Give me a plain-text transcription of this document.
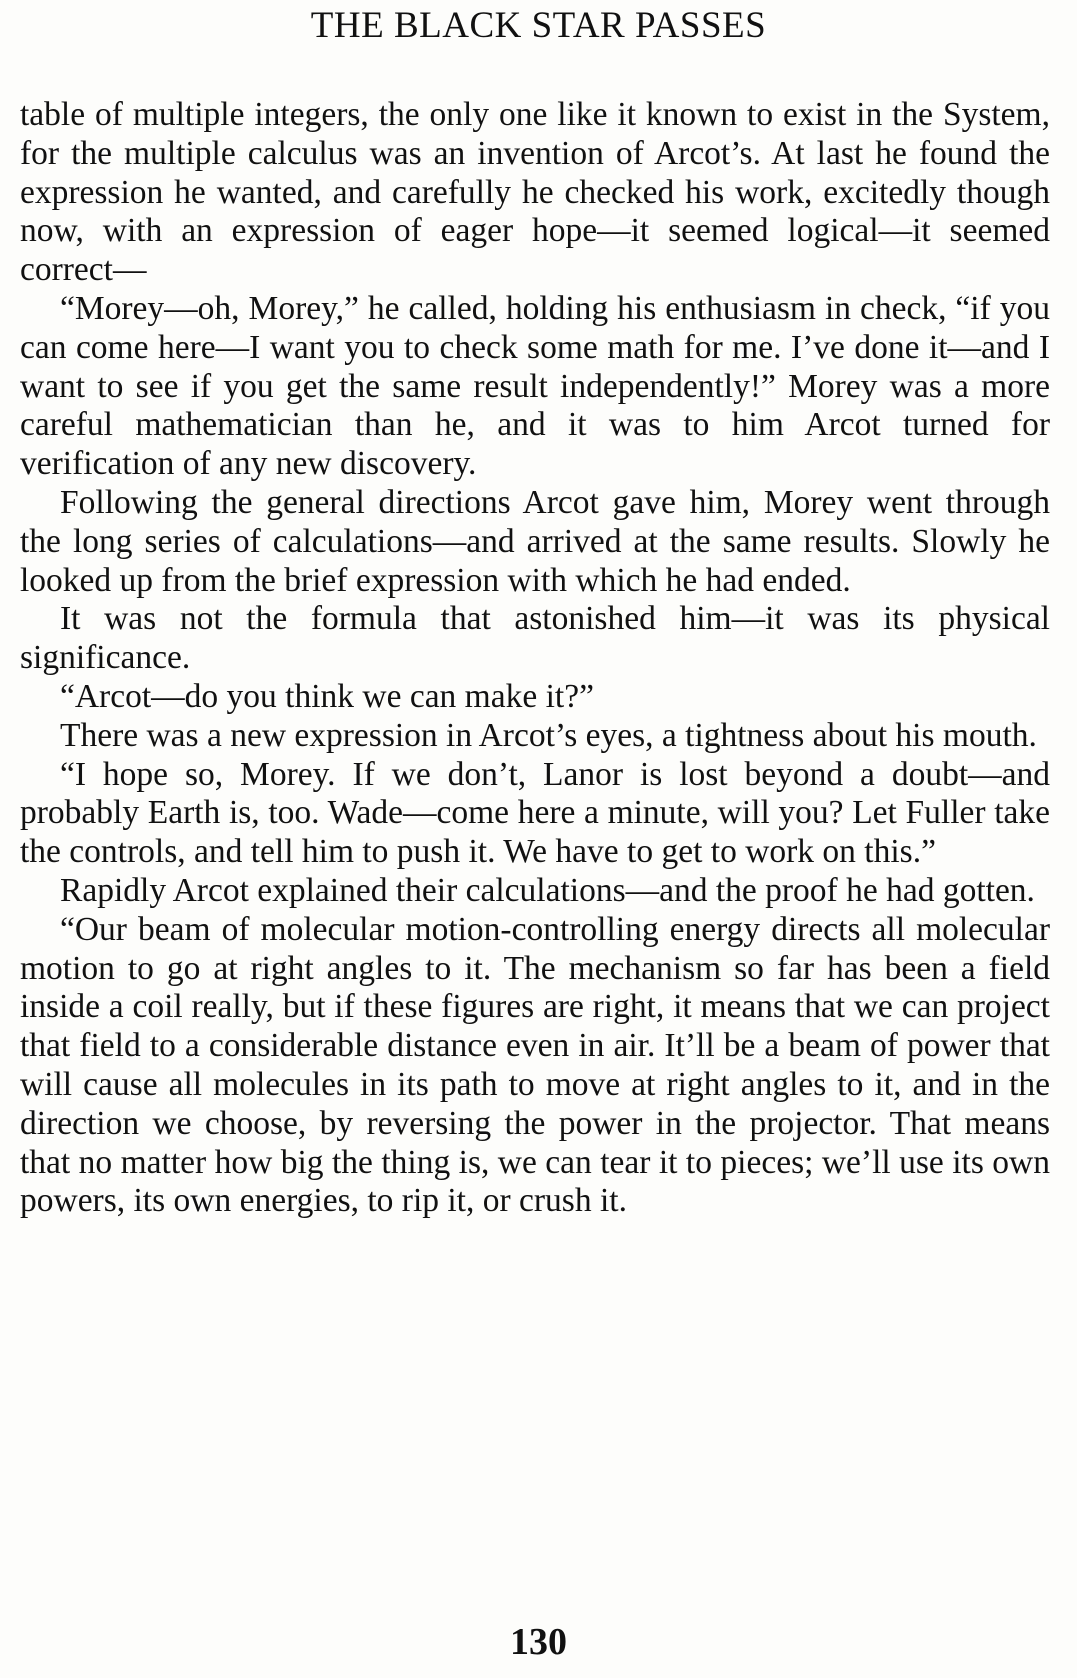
THE BLACK STAR PASSES

table of multiple integers, the only one like it known to exist in the System, for the multiple calculus was an invention of Arcot’s. At last he found the expression he wanted, and carefully he checked his work, excitedly though now, with an expression of eager hope—it seemed logical—it seemed correct—

“Morey—oh, Morey,” he called, holding his enthusiasm in check, “if you can come here—I want you to check some math for me. I’ve done it—and I want to see if you get the same result independently!” Morey was a more careful mathematician than he, and it was to him Arcot turned for verification of any new discovery.

Following the general directions Arcot gave him, Morey went through the long series of calculations—and arrived at the same results. Slowly he looked up from the brief expression with which he had ended.

It was not the formula that astonished him—it was its physical significance.

“Arcot—do you think we can make it?”

There was a new expression in Arcot’s eyes, a tightness about his mouth.

“I hope so, Morey. If we don’t, Lanor is lost beyond a doubt—and probably Earth is, too. Wade—come here a minute, will you? Let Fuller take the controls, and tell him to push it. We have to get to work on this.”

Rapidly Arcot explained their calculations—and the proof he had gotten.

“Our beam of molecular motion-controlling energy directs all molecular motion to go at right angles to it. The mechanism so far has been a field inside a coil really, but if these figures are right, it means that we can project that field to a considerable distance even in air. It’ll be a beam of power that will cause all molecules in its path to move at right angles to it, and in the direction we choose, by reversing the power in the projector. That means that no matter how big the thing is, we can tear it to pieces; we’ll use its own powers, its own energies, to rip it, or crush it.

130
